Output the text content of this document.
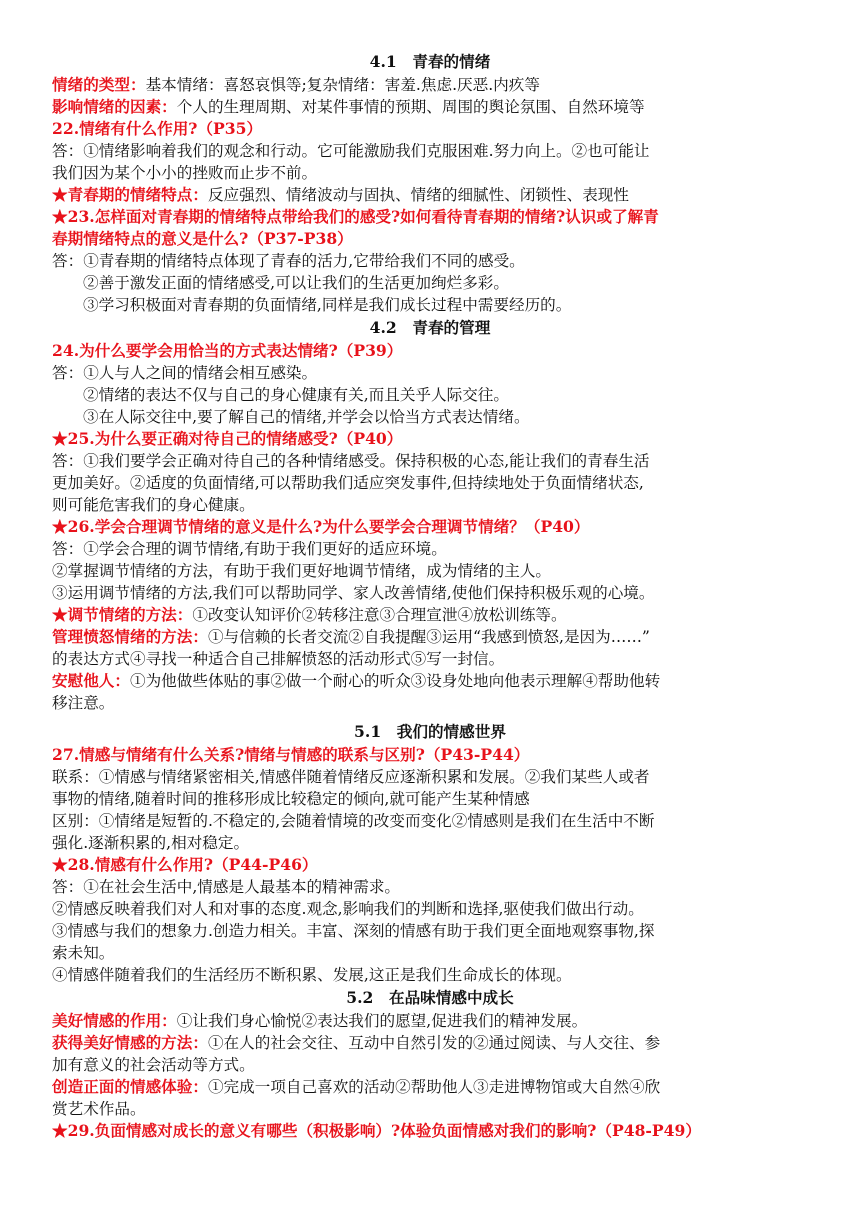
4.1　青春的情绪
情绪的类型：基本情绪：喜怒哀惧等;复杂情绪：害羞.焦虑.厌恶.内疚等
影响情绪的因素：个人的生理周期、对某件事情的预期、周围的舆论氛围、自然环境等
22.情绪有什么作用?（P35）
答：①情绪影响着我们的观念和行动。它可能激励我们克服困难.努力向上。②也可能让
我们因为某个小小的挫败而止步不前。
★青春期的情绪特点：反应强烈、情绪波动与固执、情绪的细腻性、闭锁性、表现性
★23.怎样面对青春期的情绪特点带给我们的感受?如何看待青春期的情绪?认识或了解青
春期情绪特点的意义是什么?（P37-P38）
答：①青春期的情绪特点体现了青春的活力,它带给我们不同的感受。
②善于激发正面的情绪感受,可以让我们的生活更加绚烂多彩。
③学习积极面对青春期的负面情绪,同样是我们成长过程中需要经历的。
4.2　青春的管理
24.为什么要学会用恰当的方式表达情绪?（P39）
答：①人与人之间的情绪会相互感染。
②情绪的表达不仅与自己的身心健康有关,而且关乎人际交往。
③在人际交往中,要了解自己的情绪,并学会以恰当方式表达情绪。
★25.为什么要正确对待自己的情绪感受?（P40）
答：①我们要学会正确对待自己的各种情绪感受。保持积极的心态,能让我们的青春生活
更加美好。②适度的负面情绪,可以帮助我们适应突发事件,但持续地处于负面情绪状态,
则可能危害我们的身心健康。
★26.学会合理调节情绪的意义是什么?为什么要学会合理调节情绪？（P40）
答：①学会合理的调节情绪,有助于我们更好的适应环境。
②掌握调节情绪的方法，有助于我们更好地调节情绪，成为情绪的主人。
③运用调节情绪的方法,我们可以帮助同学、家人改善情绪,使他们保持积极乐观的心境。
★调节情绪的方法：①改变认知评价②转移注意③合理宣泄④放松训练等。
管理愤怒情绪的方法：①与信赖的长者交流②自我提醒③运用“我感到愤怒,是因为……”
的表达方式④寻找一种适合自己排解愤怒的活动形式⑤写一封信。
安慰他人：①为他做些体贴的事②做一个耐心的听众③设身处地向他表示理解④帮助他转
移注意。
5.1　我们的情感世界
27.情感与情绪有什么关系?情绪与情感的联系与区别?（P43-P44）
联系：①情感与情绪紧密相关,情感伴随着情绪反应逐渐积累和发展。②我们某些人或者
事物的情绪,随着时间的推移形成比较稳定的倾向,就可能产生某种情感
区别：①情绪是短暂的.不稳定的,会随着情境的改变而变化②情感则是我们在生活中不断
强化.逐渐积累的,相对稳定。
★28.情感有什么作用?（P44-P46）
答：①在社会生活中,情感是人最基本的精神需求。
②情感反映着我们对人和对事的态度.观念,影响我们的判断和选择,驱使我们做出行动。
③情感与我们的想象力.创造力相关。丰富、深刻的情感有助于我们更全面地观察事物,探
索未知。
④情感伴随着我们的生活经历不断积累、发展,这正是我们生命成长的体现。
5.2　在品味情感中成长
美好情感的作用：①让我们身心愉悦②表达我们的愿望,促进我们的精神发展。
获得美好情感的方法：①在人的社会交往、互动中自然引发的②通过阅读、与人交往、参
加有意义的社会活动等方式。
创造正面的情感体验：①完成一项自己喜欢的活动②帮助他人③走进博物馆或大自然④欣
赏艺术作品。
★29.负面情感对成长的意义有哪些（积极影响）?体验负面情感对我们的影响?（P48-P49）
